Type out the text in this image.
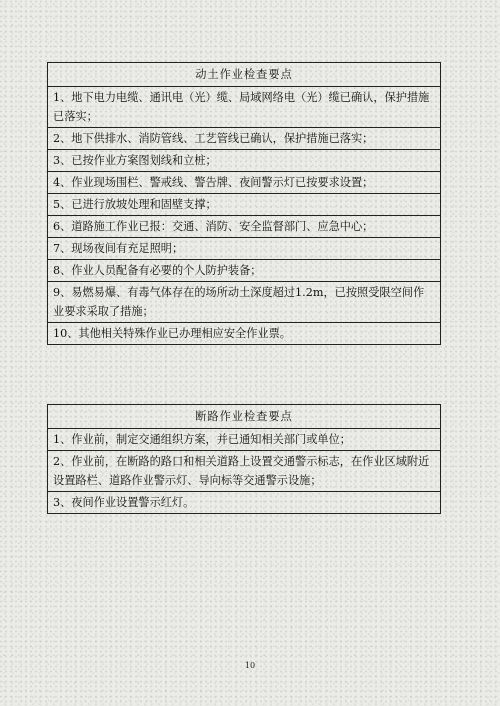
动土作业检查要点
1、地下电力电缆、通讯电（光）缆、局域网络电（光）缆已确认，保护措施已落实；
2、地下供排水、消防管线、工艺管线已确认，保护措施已落实；
3、已按作业方案图划线和立桩；
4、作业现场围栏、警戒线、警告牌、夜间警示灯已按要求设置；
5、已进行放坡处理和固壁支撑；
6、道路施工作业已报：交通、消防、安全监督部门、应急中心；
7、现场夜间有充足照明；
8、作业人员配备有必要的个人防护装备；
9、易燃易爆、有毒气体存在的场所动土深度超过1.2m，已按照受限空间作业要求采取了措施；
10、其他相关特殊作业已办理相应安全作业票。
断路作业检查要点
1、作业前，制定交通组织方案，并已通知相关部门或单位；
2、作业前，在断路的路口和相关道路上设置交通警示标志，在作业区域附近设置路栏、道路作业警示灯、导向标等交通警示设施；
3、夜间作业设置警示红灯。
10
